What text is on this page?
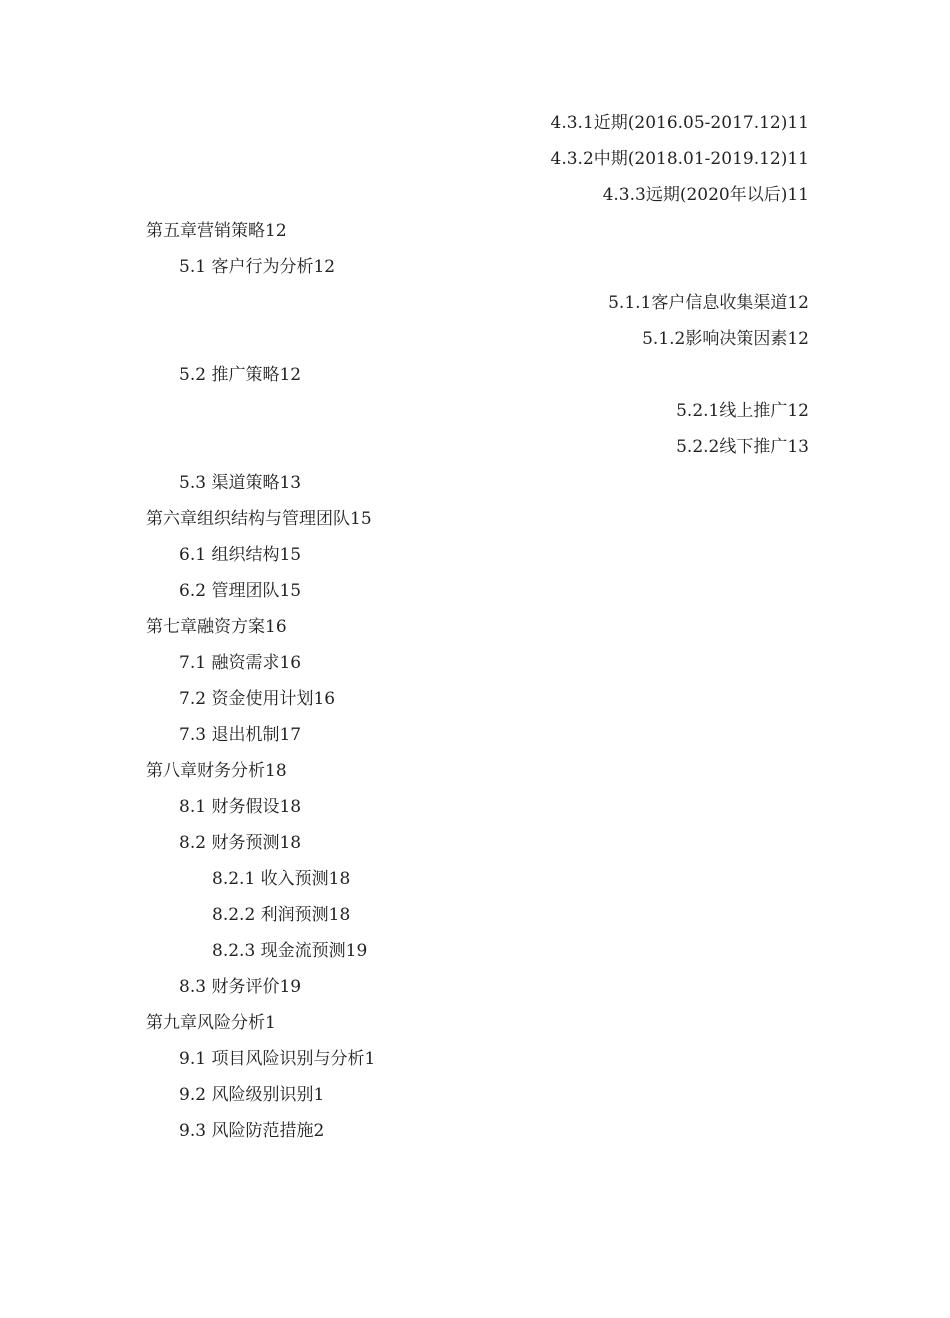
4.3.1近期(2016.05-2017.12)11
4.3.2中期(2018.01-2019.12)11
4.3.3远期(2020年以后)11
第五章营销策略12
5.1 客户行为分析12
5.1.1客户信息收集渠道12
5.1.2影响决策因素12
5.2 推广策略12
5.2.1线上推广12
5.2.2线下推广13
5.3 渠道策略13
第六章组织结构与管理团队15
6.1 组织结构15
6.2 管理团队15
第七章融资方案16
7.1 融资需求16
7.2 资金使用计划16
7.3 退出机制17
第八章财务分析18
8.1 财务假设18
8.2 财务预测18
8.2.1 收入预测18
8.2.2 利润预测18
8.2.3 现金流预测19
8.3 财务评价19
第九章风险分析1
9.1 项目风险识别与分析1
9.2 风险级别识别1
9.3 风险防范措施2
